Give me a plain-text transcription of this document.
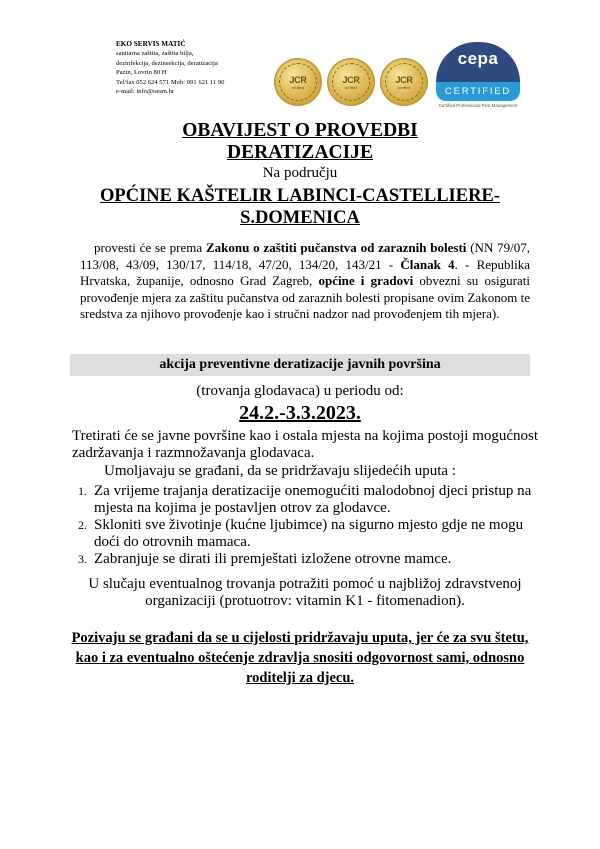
EKO SERVIS MATIĆ
sanitarna zaštita, zaštita bilja,
dezinfekcija, dezinsekcija, deratizacija
Pazin, Lovrin 80 H
Tel/fax 052 624 571 Mob: 091 621 11 90
e-mail: info@oesm.hr
JCR
certified
JCR
certified
JCR
certified
cepa
CERTIFIED
Certified Professional Pest Management
OBAVIJEST O PROVEDBI
DERATIZACIJE
Na području
OPĆINE KAŠTELIR LABINCI-CASTELLIERE-
S.DOMENICA
provesti će se prema Zakonu o zaštiti pučanstva od zaraznih bolesti (NN 79/07, 113/08, 43/09, 130/17, 114/18, 47/20, 134/20, 143/21 - Članak 4. - Republika Hrvatska, županije, odnosno Grad Zagreb, općine i gradovi obvezni su osigurati provođenje mjera za zaštitu pučanstva od zaraznih bolesti propisane ovim Zakonom te sredstva za njihovo provođenje kao i stručni nadzor nad provođenjem tih mjera).
akcija preventivne deratizacije javnih površina
(trovanja glodavaca) u periodu od:
24.2.-3.3.2023.
Tretirati će se javne površine kao i ostala mjesta na kojima postoji mogućnost zadržavanja i razmnožavanja glodavaca.
Umoljavaju se građani, da se pridržavaju slijedećih uputa :
1. Za vrijeme trajanja deratizacije onemogućiti malodobnoj djeci pristup na mjesta na kojima je postavljen otrov za glodavce.
2. Skloniti sve životinje (kućne ljubimce) na sigurno mjesto gdje ne mogu doći do otrovnih mamaca.
3. Zabranjuje se dirati ili premještati izložene otrovne mamce.
U slučaju eventualnog trovanja potražiti pomoć u najbližoj zdravstvenoj organizaciji (protuotrov: vitamin K1 - fitomenadion).
Pozivaju se građani da se u cijelosti pridržavaju uputa, jer će za svu štetu, kao i za eventualno oštećenje zdravlja snositi odgovornost sami, odnosno roditelji za djecu.
